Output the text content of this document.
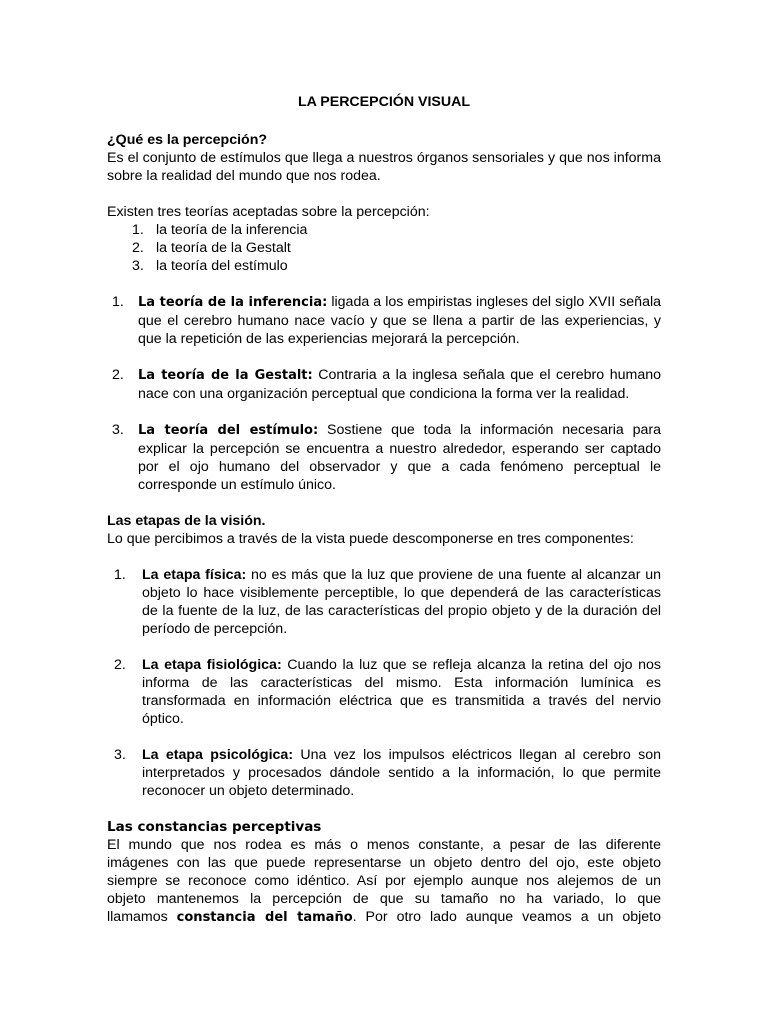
LA PERCEPCIÓN VISUAL

¿Qué es la percepción?

Es el conjunto de estímulos que llega a nuestros órganos sensoriales y que nos informa sobre la realidad del mundo que nos rodea.

Existen tres teorías aceptadas sobre la percepción:

1. la teoría de la inferencia
2. la teoría de la Gestalt
3. la teoría del estímulo
1. La teoría de la inferencia: ligada a los empiristas ingleses del siglo XVII señala que el cerebro humano nace vacío y que se llena a partir de las experiencias, y que la repetición de las experiencias mejorará la percepción.
2. La teoría de la Gestalt: Contraria a la inglesa señala que el cerebro humano nace con una organización perceptual que condiciona la forma ver la realidad.
3. La teoría del estímulo: Sostiene que toda la información necesaria para explicar la percepción se encuentra a nuestro alrededor, esperando ser captado por el ojo humano del observador y que a cada fenómeno perceptual le corresponde un estímulo único.

Las etapas de la visión.

Lo que percibimos a través de la vista puede descomponerse en tres componentes:

1. La etapa física: no es más que la luz que proviene de una fuente al alcanzar un objeto lo hace visiblemente perceptible, lo que dependerá de las características de la fuente de la luz, de las características del propio objeto y de la duración del período de percepción.
2. La etapa fisiológica: Cuando la luz que se refleja alcanza la retina del ojo nos informa de las características del mismo. Esta información lumínica es transformada en información eléctrica que es transmitida a través del nervio óptico.
3. La etapa psicológica: Una vez los impulsos eléctricos llegan al cerebro son interpretados y procesados dándole sentido a la información, lo que permite reconocer un objeto determinado.

Las constancias perceptivas

El mundo que nos rodea es más o menos constante, a pesar de las diferente
imágenes con las que puede representarse un objeto dentro del ojo, este objeto
siempre se reconoce como idéntico. Así por ejemplo aunque nos alejemos de un
objeto mantenemos la percepción de que su tamaño no ha variado, lo que
llamamos constancia del tamaño. Por otro lado aunque veamos a un objeto
